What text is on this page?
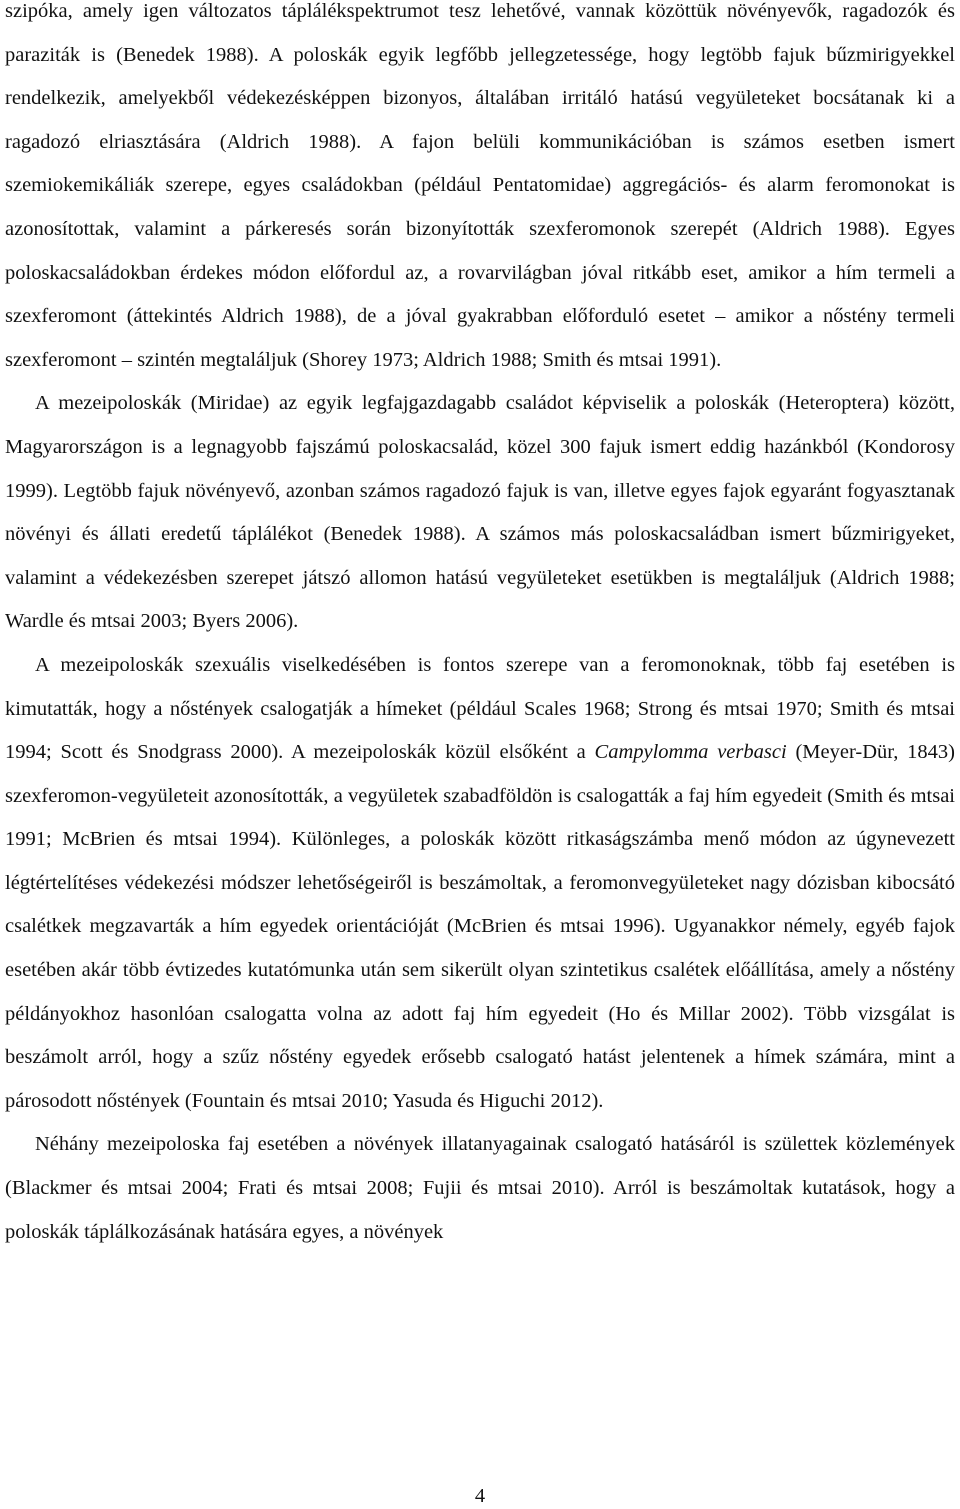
szipóka, amely igen változatos táplálékspektrumot tesz lehetővé, vannak közöttük növényevők, ragadozók és paraziták is (Benedek 1988). A poloskák egyik legfőbb jellegzetessége, hogy legtöbb fajuk bűzmirigyekkel rendelkezik, amelyekből védekezésképpen bizonyos, általában irritáló hatású vegyületeket bocsátanak ki a ragadozó elriasztására (Aldrich 1988). A fajon belüli kommunikációban is számos esetben ismert szemiokemikáliák szerepe, egyes családokban (például Pentatomidae) aggregációs- és alarm feromonokat is azonosítottak, valamint a párkeresés során bizonyították szexferomonok szerepét (Aldrich 1988). Egyes poloskacsaládokban érdekes módon előfordul az, a rovarvilágban jóval ritkább eset, amikor a hím termeli a szexferomont (áttekintés Aldrich 1988), de a jóval gyakrabban előforduló esetet – amikor a nőstény termeli szexferomont – szintén megtaláljuk (Shorey 1973; Aldrich 1988; Smith és mtsai 1991).

A mezeipoloskák (Miridae) az egyik legfajgazdagabb családot képviselik a poloskák (Heteroptera) között, Magyarországon is a legnagyobb fajszámú poloskacsalád, közel 300 fajuk ismert eddig hazánkból (Kondorosy 1999). Legtöbb fajuk növényevő, azonban számos ragadozó fajuk is van, illetve egyes fajok egyaránt fogyasztanak növényi és állati eredetű táplálékot (Benedek 1988). A számos más poloskacsaládban ismert bűzmirigyeket, valamint a védekezésben szerepet játszó allomon hatású vegyületeket esetükben is megtaláljuk (Aldrich 1988; Wardle és mtsai 2003; Byers 2006).

A mezeipoloskák szexuális viselkedésében is fontos szerepe van a feromonoknak, több faj esetében is kimutatták, hogy a nőstények csalogatják a hímeket (például Scales 1968; Strong és mtsai 1970; Smith és mtsai 1994; Scott és Snodgrass 2000). A mezeipoloskák közül elsőként a Campylomma verbasci (Meyer-Dür, 1843) szexferomon-vegyületeit azonosították, a vegyületek szabadföldön is csalogatták a faj hím egyedeit (Smith és mtsai 1991; McBrien és mtsai 1994). Különleges, a poloskák között ritkaságszámba menő módon az úgynevezett légtértelítéses védekezési módszer lehetőségeiről is beszámoltak, a feromonvegyületeket nagy dózisban kibocsátó csalétkek megzavarták a hím egyedek orientációját (McBrien és mtsai 1996). Ugyanakkor némely, egyéb fajok esetében akár több évtizedes kutatómunka után sem sikerült olyan szintetikus csalétek előállítása, amely a nőstény példányokhoz hasonlóan csalogatta volna az adott faj hím egyedeit (Ho és Millar 2002). Több vizsgálat is beszámolt arról, hogy a szűz nőstény egyedek erősebb csalogató hatást jelentenek a hímek számára, mint a párosodott nőstények (Fountain és mtsai 2010; Yasuda és Higuchi 2012).

Néhány mezeipoloska faj esetében a növények illatanyagainak csalogató hatásáról is születtek közlemények (Blackmer és mtsai 2004; Frati és mtsai 2008; Fujii és mtsai 2010). Arról is beszámoltak kutatások, hogy a poloskák táplálkozásának hatására egyes, a növények

4
